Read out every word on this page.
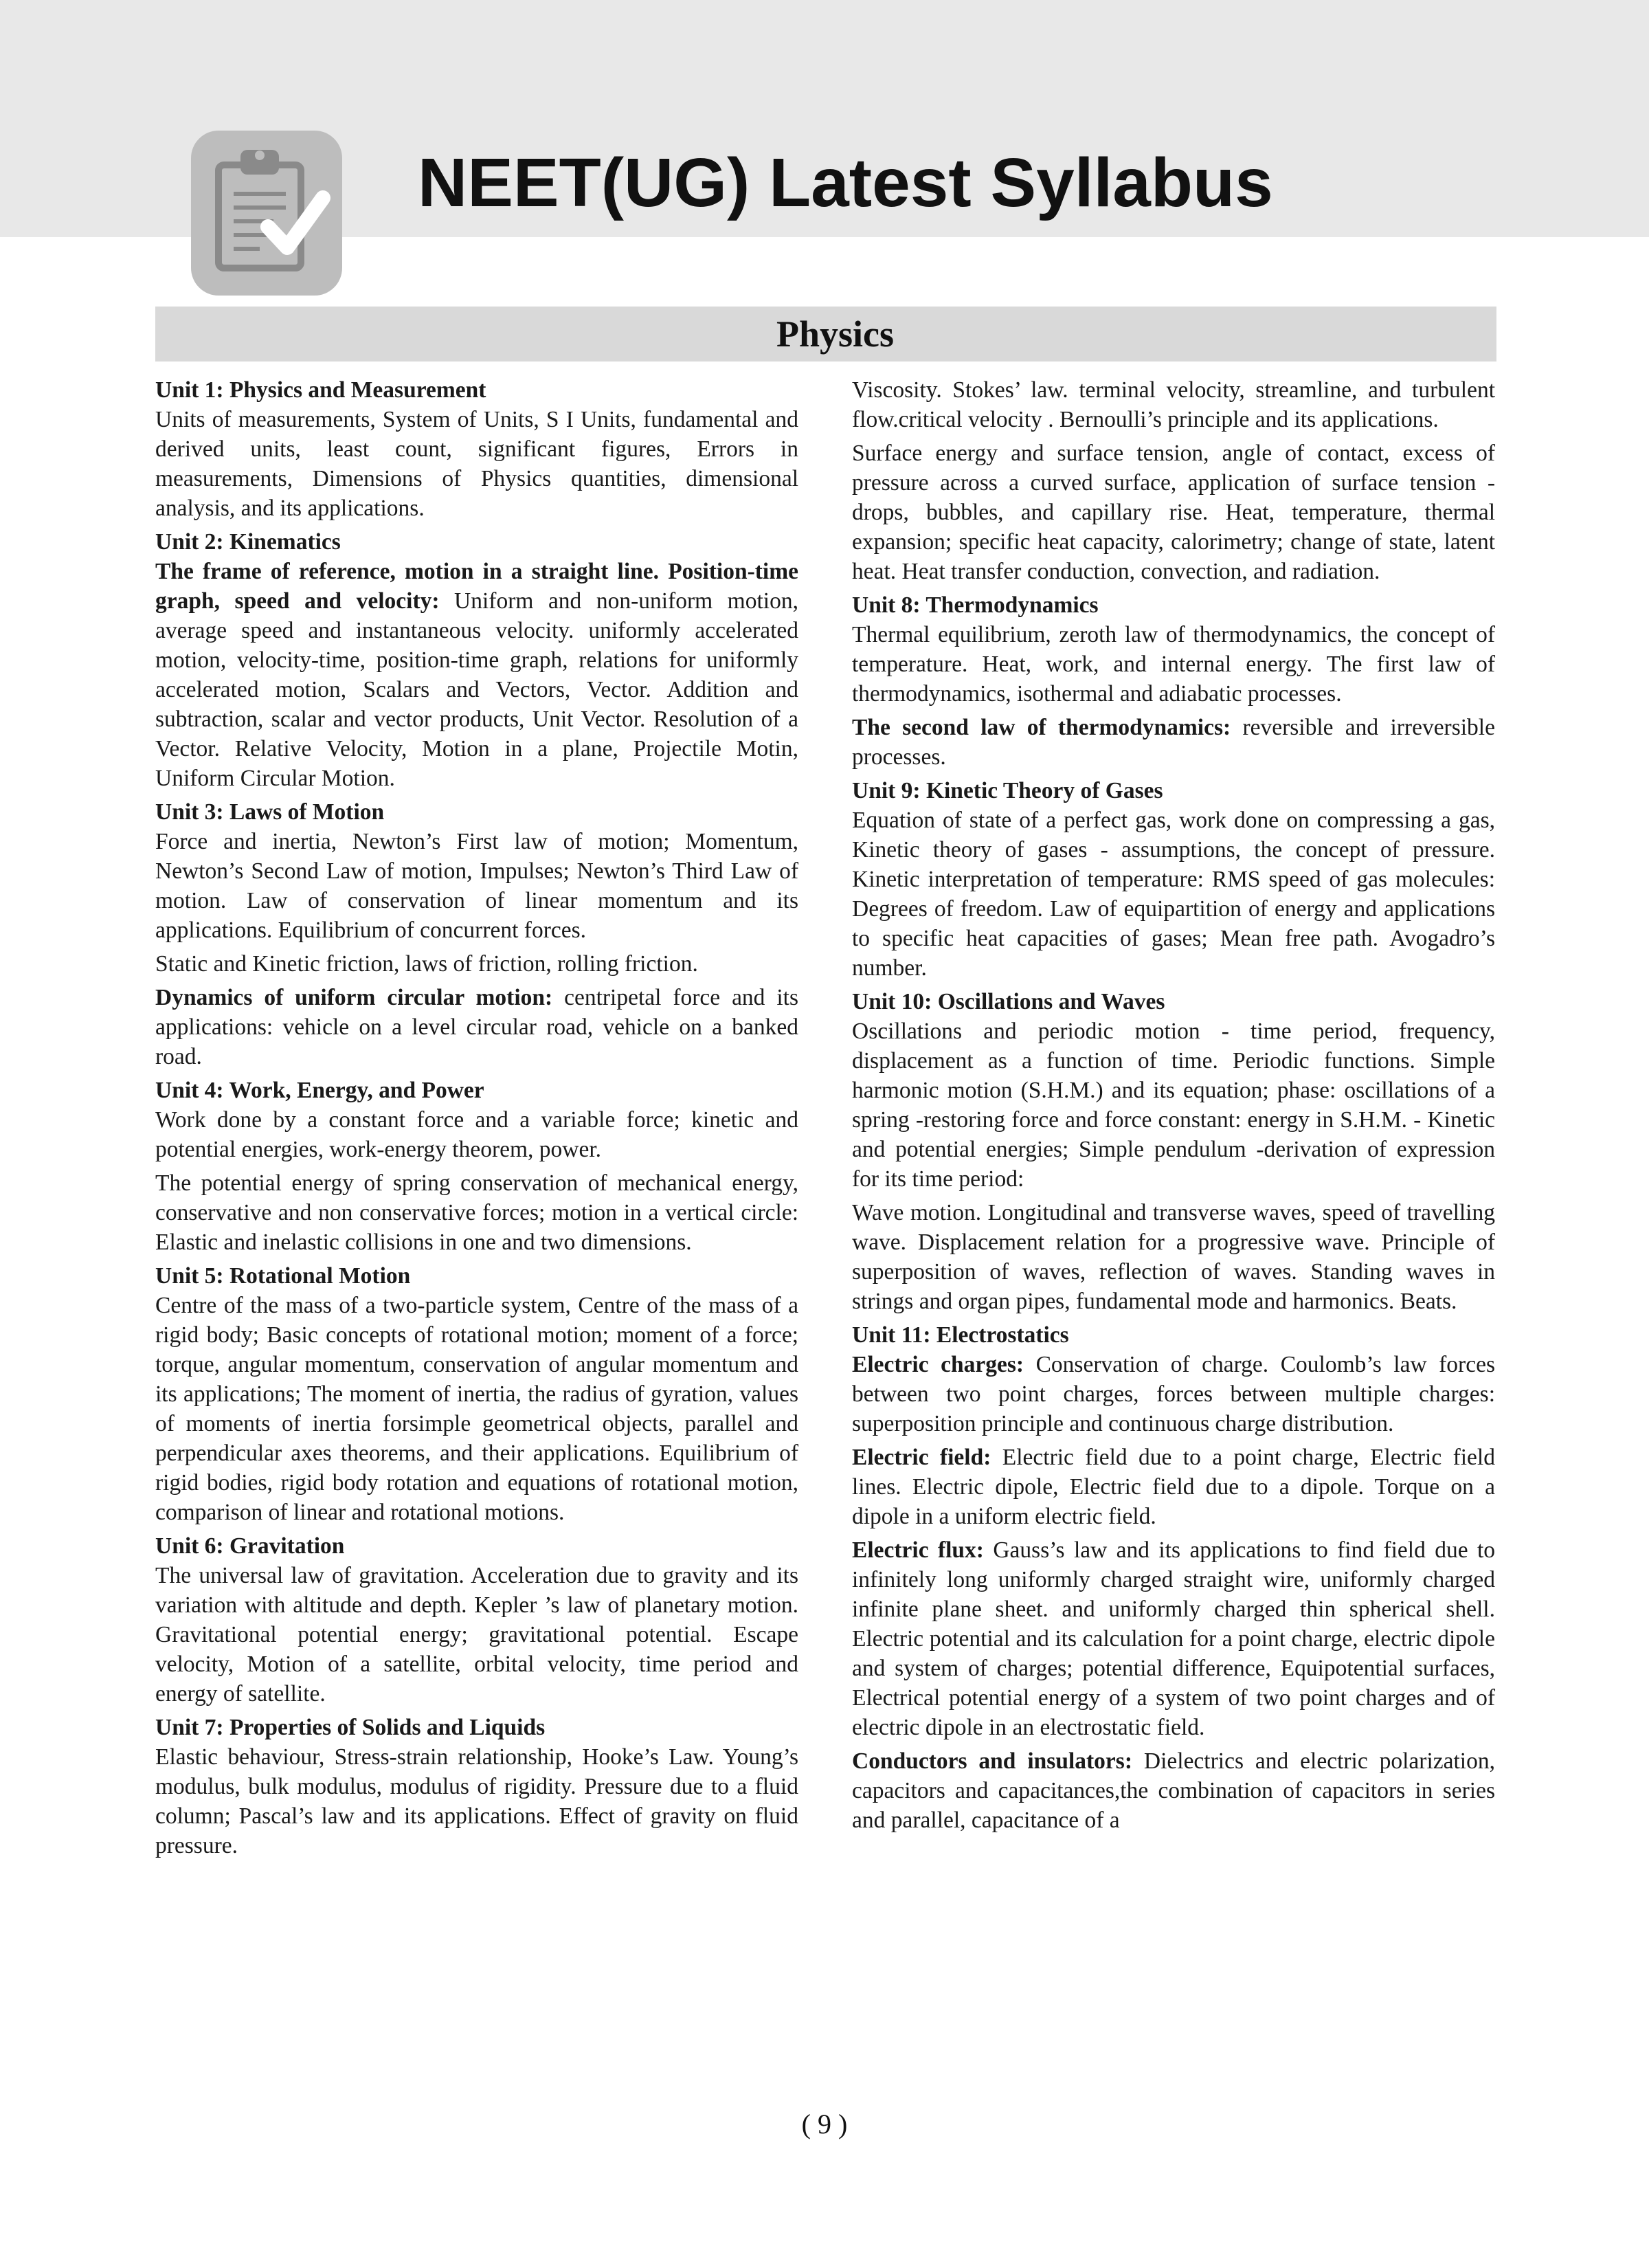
NEET(UG) Latest Syllabus
Physics
Unit 1: Physics and Measurement

Units of measurements, System of Units, S I Units, fundamental and derived units, least count, significant figures, Errors in measurements, Dimensions of Physics quantities, dimensional analysis, and its applications.

Unit 2: Kinematics

The frame of reference, motion in a straight line. Position-time graph, speed and velocity: Uniform and non-uniform motion, average speed and instantaneous velocity. uniformly accelerated motion, velocity-time, position-time graph, relations for uniformly accelerated motion, Scalars and Vectors, Vector. Addition and subtraction, scalar and vector products, Unit Vector. Resolution of a Vector. Relative Velocity, Motion in a plane, Projectile Motin, Uniform Circular Motion.

Unit 3: Laws of Motion

Force and inertia, Newton’s First law of motion; Momentum, Newton’s Second Law of motion, Impulses; Newton’s Third Law of motion. Law of conservation of linear momentum and its applications. Equilibrium of concurrent forces.

Static and Kinetic friction, laws of friction, rolling friction.

Dynamics of uniform circular motion: centripetal force and its applications: vehicle on a level circular road, vehicle on a banked road.

Unit 4: Work, Energy, and Power

Work done by a constant force and a variable force; kinetic and potential energies, work-energy theorem, power.

The potential energy of spring conservation of mechanical energy, conservative and non conservative forces; motion in a vertical circle: Elastic and inelastic collisions in one and two dimensions.

Unit 5: Rotational Motion

Centre of the mass of a two-particle system, Centre of the mass of a rigid body; Basic concepts of rotational motion; moment of a force; torque, angular momentum, conservation of angular momentum and its applications; The moment of inertia, the radius of gyration, values of moments of inertia forsimple geometrical objects, parallel and perpendicular axes theorems, and their applications. Equilibrium of rigid bodies, rigid body rotation and equations of rotational motion, comparison of linear and rotational motions.

Unit 6: Gravitation

The universal law of gravitation. Acceleration due to gravity and its variation with altitude and depth. Kepler ’s law of planetary motion. Gravitational potential energy; gravitational potential. Escape velocity, Motion of a satellite, orbital velocity, time period and energy of satellite.

Unit 7: Properties of Solids and Liquids

Elastic behaviour, Stress-strain relationship, Hooke’s Law. Young’s modulus, bulk modulus, modulus of rigidity. Pressure due to a fluid column; Pascal’s law and its applications. Effect of gravity on fluid pressure.

Viscosity. Stokes’ law. terminal velocity, streamline, and turbulent flow.critical velocity . Bernoulli’s principle and its applications.

Surface energy and surface tension, angle of contact, excess of pressure across a curved surface, application of surface tension - drops, bubbles, and capillary rise. Heat, temperature, thermal expansion; specific heat capacity, calorimetry; change of state, latent heat. Heat transfer conduction, convection, and radiation.

Unit 8: Thermodynamics

Thermal equilibrium, zeroth law of thermodynamics, the concept of temperature. Heat, work, and internal energy. The first law of thermodynamics, isothermal and adiabatic processes.

The second law of thermodynamics: reversible and irreversible processes.

Unit 9: Kinetic Theory of Gases

Equation of state of a perfect gas, work done on compressing a gas, Kinetic theory of gases - assumptions, the concept of pressure. Kinetic interpretation of temperature: RMS speed of gas molecules: Degrees of freedom. Law of equipartition of energy and applications to specific heat capacities of gases; Mean free path. Avogadro’s number.

Unit 10: Oscillations and Waves

Oscillations and periodic motion - time period, frequency, displacement as a function of time. Periodic functions. Simple harmonic motion (S.H.M.) and its equation; phase: oscillations of a spring -restoring force and force constant: energy in S.H.M. - Kinetic and potential energies; Simple pendulum -derivation of expression for its time period:

Wave motion. Longitudinal and transverse waves, speed of travelling wave. Displacement relation for a progressive wave. Principle of superposition of waves, reflection of waves. Standing waves in strings and organ pipes, fundamental mode and harmonics. Beats.

Unit 11: Electrostatics

Electric charges: Conservation of charge. Coulomb’s law forces between two point charges, forces between multiple charges: superposition principle and continuous charge distribution.

Electric field: Electric field due to a point charge, Electric field lines. Electric dipole, Electric field due to a dipole. Torque on a dipole in a uniform electric field.

Electric flux: Gauss’s law and its applications to find field due to infinitely long uniformly charged straight wire, uniformly charged infinite plane sheet. and uniformly charged thin spherical shell. Electric potential and its calculation for a point charge, electric dipole and system of charges; potential difference, Equipotential surfaces, Electrical potential energy of a system of two point charges and of electric dipole in an electrostatic field.

Conductors and insulators: Dielectrics and electric polarization, capacitors and capacitances,the combination of capacitors in series and parallel, capacitance of a

( 9 )
